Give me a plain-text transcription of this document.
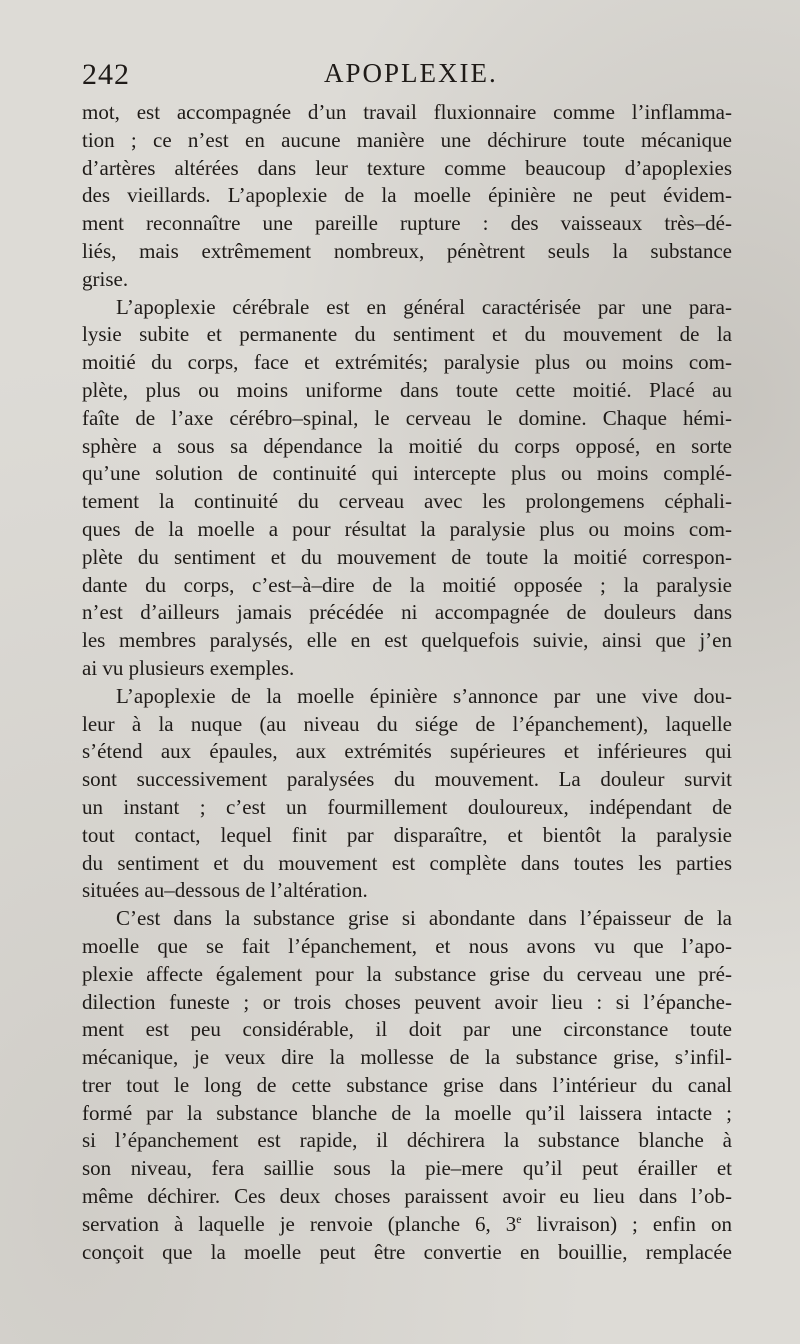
242	APOPLEXIE.
mot, est accompagnée d’un travail fluxionnaire comme l’inflamma-
tion ; ce n’est en aucune manière une déchirure toute mécanique
d’artères altérées dans leur texture comme beaucoup d’apoplexies
des vieillards. L’apoplexie de la moelle épinière ne peut évidem-
ment reconnaître une pareille rupture : des vaisseaux très–dé-
liés, mais extrêmement nombreux, pénètrent seuls la substance
grise.
L’apoplexie cérébrale est en général caractérisée par une para-
lysie subite et permanente du sentiment et du mouvement de la
moitié du corps, face et extrémités; paralysie plus ou moins com-
plète, plus ou moins uniforme dans toute cette moitié. Placé au
faîte de l’axe cérébro–spinal, le cerveau le domine. Chaque hémi-
sphère a sous sa dépendance la moitié du corps opposé, en sorte
qu’une solution de continuité qui intercepte plus ou moins complé-
tement la continuité du cerveau avec les prolongemens céphali-
ques de la moelle a pour résultat la paralysie plus ou moins com-
plète du sentiment et du mouvement de toute la moitié correspon-
dante du corps, c’est–à–dire de la moitié opposée ; la paralysie
n’est d’ailleurs jamais précédée ni accompagnée de douleurs dans
les membres paralysés, elle en est quelquefois suivie, ainsi que j’en
ai vu plusieurs exemples.
L’apoplexie de la moelle épinière s’annonce par une vive dou-
leur à la nuque (au niveau du siége de l’épanchement), laquelle
s’étend aux épaules, aux extrémités supérieures et inférieures qui
sont successivement paralysées du mouvement. La douleur survit
un instant ; c’est un fourmillement douloureux, indépendant de
tout contact, lequel finit par disparaître, et bientôt la paralysie
du sentiment et du mouvement est complète dans toutes les parties
situées au–dessous de l’altération.
C’est dans la substance grise si abondante dans l’épaisseur de la
moelle que se fait l’épanchement, et nous avons vu que l’apo-
plexie affecte également pour la substance grise du cerveau une pré-
dilection funeste ; or trois choses peuvent avoir lieu : si l’épanche-
ment est peu considérable, il doit par une circonstance toute
mécanique, je veux dire la mollesse de la substance grise, s’infil-
trer tout le long de cette substance grise dans l’intérieur du canal
formé par la substance blanche de la moelle qu’il laissera intacte ;
si l’épanchement est rapide, il déchirera la substance blanche à
son niveau, fera saillie sous la pie–mere qu’il peut érailler et
même déchirer. Ces deux choses paraissent avoir eu lieu dans l’ob-
servation à laquelle je renvoie (planche 6, 3e livraison) ; enfin on
conçoit que la moelle peut être convertie en bouillie, remplacée
